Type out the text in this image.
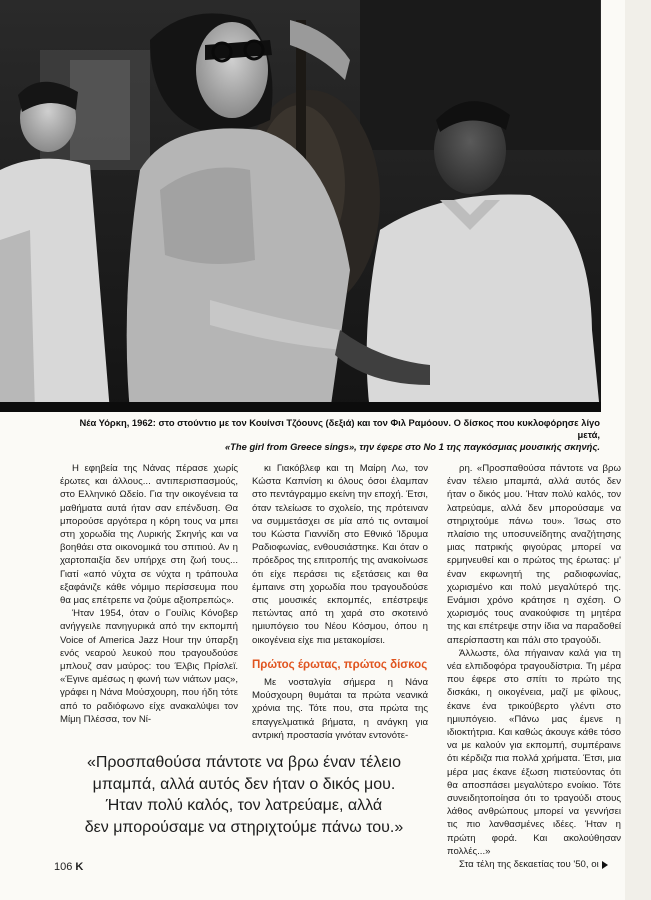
Νέα Υόρκη, 1962: στο στούντιο με τον Κουίνσι Τζόουνς (δεξιά) και τον Φιλ Ραμόουν. Ο δίσκος που κυκλοφόρησε λίγο μετά,
«The girl from Greece sings», την έφερε στο Νο 1 της παγκόσμιας μουσικής σκηνής.

Η εφηβεία της Νάνας πέρασε χωρίς έρωτες και άλλους... αντιπερισπασμούς, στο Ελληνικό Ωδείο. Για την οικογένεια τα μαθήματα αυτά ήταν σαν επένδυση. Θα μπορούσε αργότερα η κόρη τους να μπει στη χορωδία της Λυρικής Σκηνής και να βοηθάει στα οικονομικά του σπιτιού. Αν η χαρτοπαιξία δεν υπήρχε στη ζωή τους... Γιατί «από νύχτα σε νύχτα η τράπουλα εξαφάνιζε κάθε νόμιμο περίσσευμα που θα μας επέτρεπε να ζούμε αξιοπρεπώς».

Ήταν 1954, όταν ο Γουίλις Κόνοβερ ανήγγειλε πανηγυρικά από την εκπομπή Voice of America Jazz Hour την ύπαρξη ενός νεαρού λευκού που τραγουδούσε μπλουζ σαν μαύρος: του Έλβις Πρίσλεϊ. «Έγινε αμέσως η φωνή των νιάτων μας», γράφει η Νάνα Μούσχουρη, που ήδη τότε από το ραδιόφωνο είχε ανακαλύψει τον Μίμη Πλέσσα, τον Νί-

κι Γιακόβλεφ και τη Μαίρη Λω, τον Κώστα Καπνίση κι όλους όσοι έλαμπαν στο πεντάγραμμο εκείνη την εποχή. Έτσι, όταν τελείωσε το σχολείο, της πρότειναν να συμμετάσχει σε μία από τις ονταιμοί του Κώστα Γιαννίδη στο Εθνικό Ίδρυμα Ραδιοφωνίας, ενθουσιάστηκε. Και όταν ο πρόεδρος της επιτροπής της ανακοίνωσε ότι είχε περάσει τις εξετάσεις και θα έμπαινε στη χορωδία που τραγουδούσε στις μουσικές εκπομπές, επέστρεψε πετώντας από τη χαρά στο σκοτεινό ημιυπόγειο του Νέου Κόσμου, όπου η οικογένεια είχε πια μετακομίσει.

Πρώτος έρωτας, πρώτος δίσκος

Με νοσταλγία σήμερα η Νάνα Μούσχουρη θυμάται τα πρώτα νεανικά χρόνια της. Τότε που, στα πρώτα της επαγγελματικά βήματα, η ανάγκη για αντρική προστασία γινόταν εντονότε-

ρη. «Προσπαθούσα πάντοτε να βρω έναν τέλειο μπαμπά, αλλά αυτός δεν ήταν ο δικός μου. Ήταν πολύ καλός, τον λατρεύαμε, αλλά δεν μπορούσαμε να στηριχτούμε πάνω του». Ίσως στο πλαίσιο της υποσυνείδητης αναζήτησης μιας πατρικής φιγούρας μπορεί να ερμηνευθεί και ο πρώτος της έρωτας: μ' έναν εκφωνητή της ραδιοφωνίας, χωρισμένο και πολύ μεγαλύτερό της. Ενάμισι χρόνο κράτησε η σχέση. Ο χωρισμός τους ανακούφισε τη μητέρα της και επέτρεψε στην ίδια να παραδοθεί απερίσπαστη και πάλι στο τραγούδι.

Άλλωστε, όλα πήγαιναν καλά για τη νέα ελπιδοφόρα τραγουδίστρια. Τη μέρα που έφερε στο σπίτι το πρώτο της δισκάκι, η οικογένεια, μαζί με φίλους, έκανε ένα τρικούβερτο γλέντι στο ημιυπόγειο. «Πάνω μας έμενε η ιδιοκτήτρια. Και καθώς άκουγε κάθε τόσο να με καλούν για εκπομπή, συμπέραινε ότι κέρδιζα πια πολλά χρήματα. Έτσι, μια μέρα μας έκανε έξωση πιστεύοντας ότι θα αποσπάσει μεγαλύτερο ενοίκιο. Τότε συνειδητοποίησα ότι το τραγούδι στους λάθος ανθρώπους μπορεί να γεννήσει τις πιο λανθασμένες ιδέες. Ήταν η πρώτη φορά. Και ακολούθησαν πολλές...»

Στα τέλη της δεκαετίας του '50, οι

«Προσπαθούσα πάντοτε να βρω έναν τέλειο

μπαμπά, αλλά αυτός δεν ήταν ο δικός μου.

Ήταν πολύ καλός, τον λατρεύαμε, αλλά

δεν μπορούσαμε να στηριχτούμε πάνω του.»

106 K
